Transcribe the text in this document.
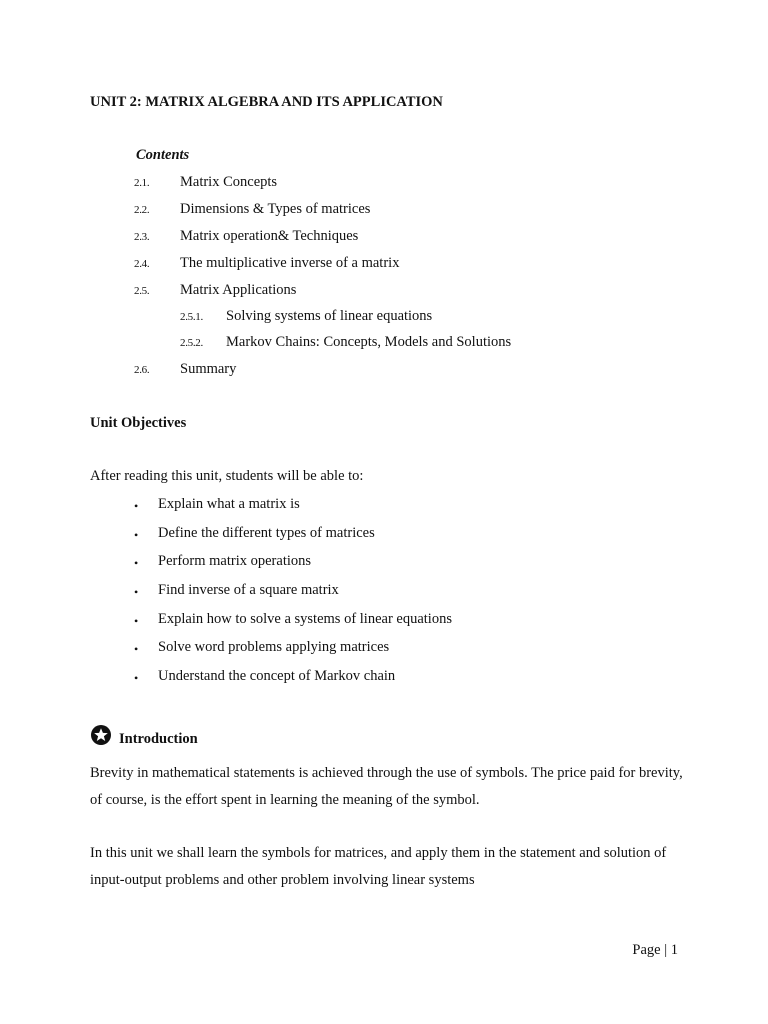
UNIT 2: MATRIX ALGEBRA AND ITS APPLICATION
Contents
2.1. Matrix Concepts
2.2. Dimensions & Types of matrices
2.3. Matrix operation& Techniques
2.4. The multiplicative inverse of a matrix
2.5. Matrix Applications
2.5.1. Solving systems of linear equations
2.5.2. Markov Chains: Concepts, Models and Solutions
2.6. Summary
Unit Objectives
After reading this unit, students will be able to:
• Explain what a matrix is
• Define the different types of matrices
• Perform matrix operations
• Find inverse of a square matrix
• Explain how to solve a systems of linear equations
• Solve word problems applying matrices
• Understand the concept of Markov chain
Introduction
Brevity in mathematical statements is achieved through the use of symbols. The price paid for brevity, of course, is the effort spent in learning the meaning of the symbol.
In this unit we shall learn the symbols for matrices, and apply them in the statement and solution of input-output problems and other problem involving linear systems
Page | 1
